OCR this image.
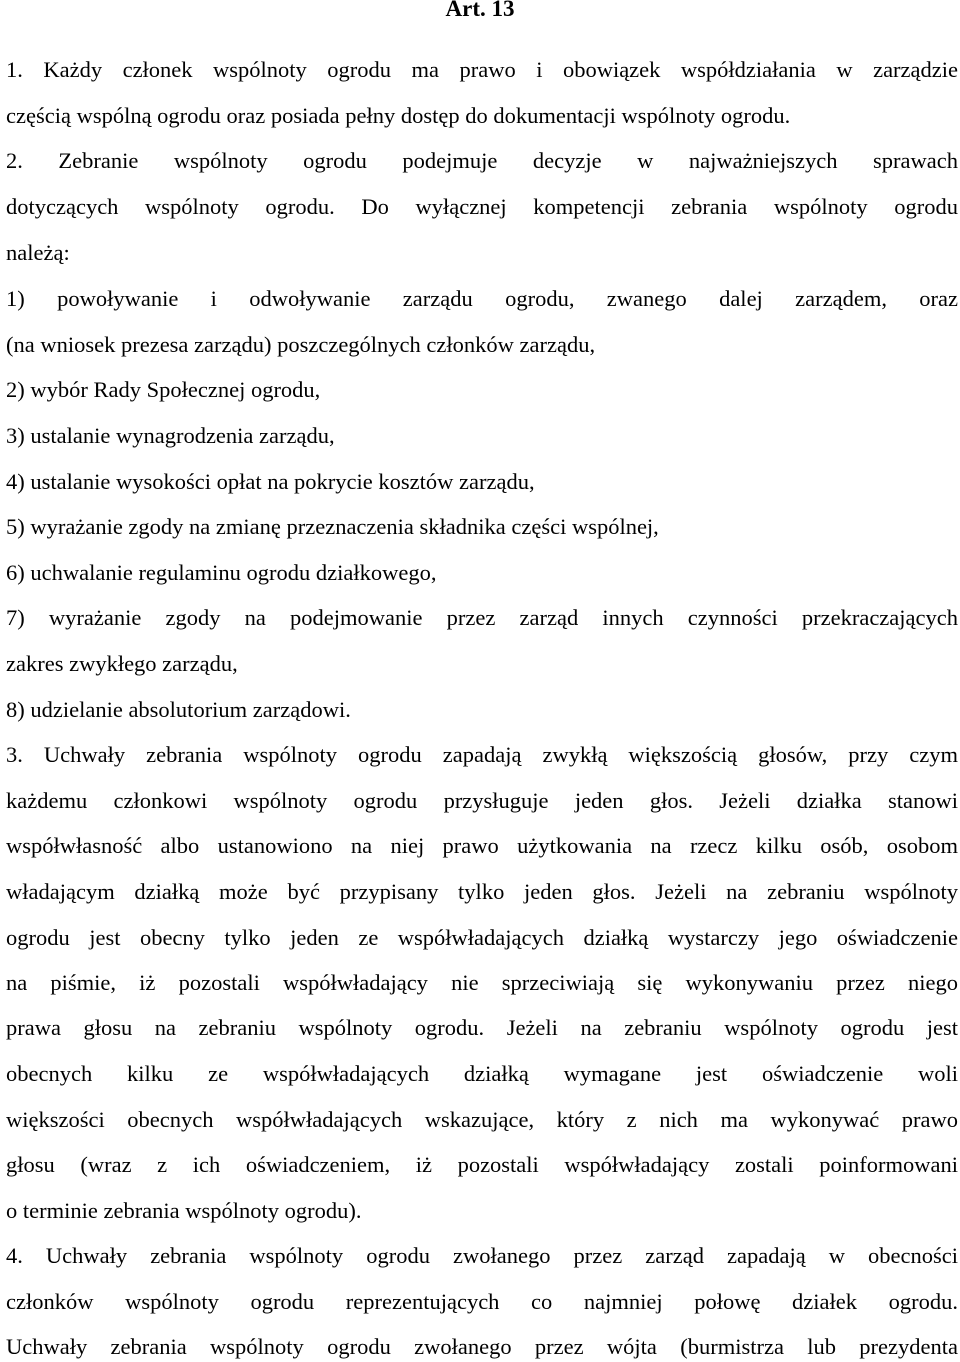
Art. 13

1. Każdy członek wspólnoty ogrodu ma prawo i obowiązek współdziałania w zarządzie

częścią wspólną ogrodu oraz posiada pełny dostęp do dokumentacji wspólnoty ogrodu.

2. Zebranie wspólnoty ogrodu podejmuje decyzje w najważniejszych sprawach

dotyczących wspólnoty ogrodu. Do wyłącznej kompetencji zebrania wspólnoty ogrodu

należą:

1) powoływanie i odwoływanie zarządu ogrodu, zwanego dalej zarządem, oraz

(na wniosek prezesa zarządu) poszczególnych członków zarządu,

2) wybór Rady Społecznej ogrodu,

3) ustalanie wynagrodzenia zarządu,

4) ustalanie wysokości opłat na pokrycie kosztów zarządu,

5) wyrażanie zgody na zmianę przeznaczenia składnika części wspólnej,

6) uchwalanie regulaminu ogrodu działkowego,

7) wyrażanie zgody na podejmowanie przez zarząd innych czynności przekraczających

zakres zwykłego zarządu,

8) udzielanie absolutorium zarządowi.

3. Uchwały zebrania wspólnoty ogrodu zapadają zwykłą większością głosów, przy czym

każdemu członkowi wspólnoty ogrodu przysługuje jeden głos. Jeżeli działka stanowi

współwłasność albo ustanowiono na niej prawo użytkowania na rzecz kilku osób, osobom

władającym działką może być przypisany tylko jeden głos. Jeżeli na zebraniu wspólnoty

ogrodu jest obecny tylko jeden ze współwładających działką wystarczy jego oświadczenie

na piśmie, iż pozostali współwładający nie sprzeciwiają się wykonywaniu przez niego

prawa głosu na zebraniu wspólnoty ogrodu. Jeżeli na zebraniu wspólnoty ogrodu jest

obecnych kilku ze współwładających działką wymagane jest oświadczenie woli

większości obecnych współwładających wskazujące, który z nich ma wykonywać prawo

głosu (wraz z ich oświadczeniem, iż pozostali współwładający zostali poinformowani

o terminie zebrania wspólnoty ogrodu).

4. Uchwały zebrania wspólnoty ogrodu zwołanego przez zarząd zapadają w obecności

członków wspólnoty ogrodu reprezentujących co najmniej połowę działek ogrodu.

Uchwały zebrania wspólnoty ogrodu zwołanego przez wójta (burmistrza lub prezydenta
